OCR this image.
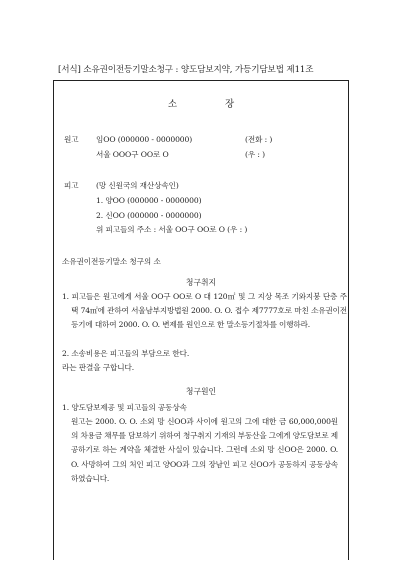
[서식] 소유권이전등기말소청구 : 양도담보지약, 가등기담보법 제11조
소장
원고 임OO (000000 - 0000000)	(전화 : )
서울 OOO구 OO로 O	(우 : )
피고 (망 신원국의 재산상속인)
1. 양OO (000000 - 0000000)
2. 신OO (000000 - 0000000)
위 피고들의 주소 : 서울 OO구 OO로 O (우 : )
소유권이전등기말소 청구의 소
청구취지
1. 피고들은 원고에게 서울 OO구 OO로 O 대 120㎡ 및 그 지상 목조 기와지붕 단층 주택 74㎡에 관하여 서울남부지방법원 2000. O. O. 접수 제7777호로 마친 소유권이전등기에 대하여 2000. O. O. 변제를 원인으로 한 말소등기절차를 이행하라.
2. 소송비용은 피고들의 부담으로 한다.
라는 판결을 구합니다.
청구원인
1. 양도담보제공 및 피고들의 공동상속
원고는 2000. O. O. 소외 망 신OO과 사이에 원고의 그에 대한 금 60,000,000원의 차용금 채무를 담보하기 위하여 청구취지 기재의 부동산을 그에게 양도담보로 제공하기로 하는 계약을 체결한 사실이 있습니다. 그런데 소외 망 신OO은 2000. O. O. 사망하여 그의 처인 피고 양OO과 그의 장남인 피고 신OO가 공동하지 공동상속하였습니다.
